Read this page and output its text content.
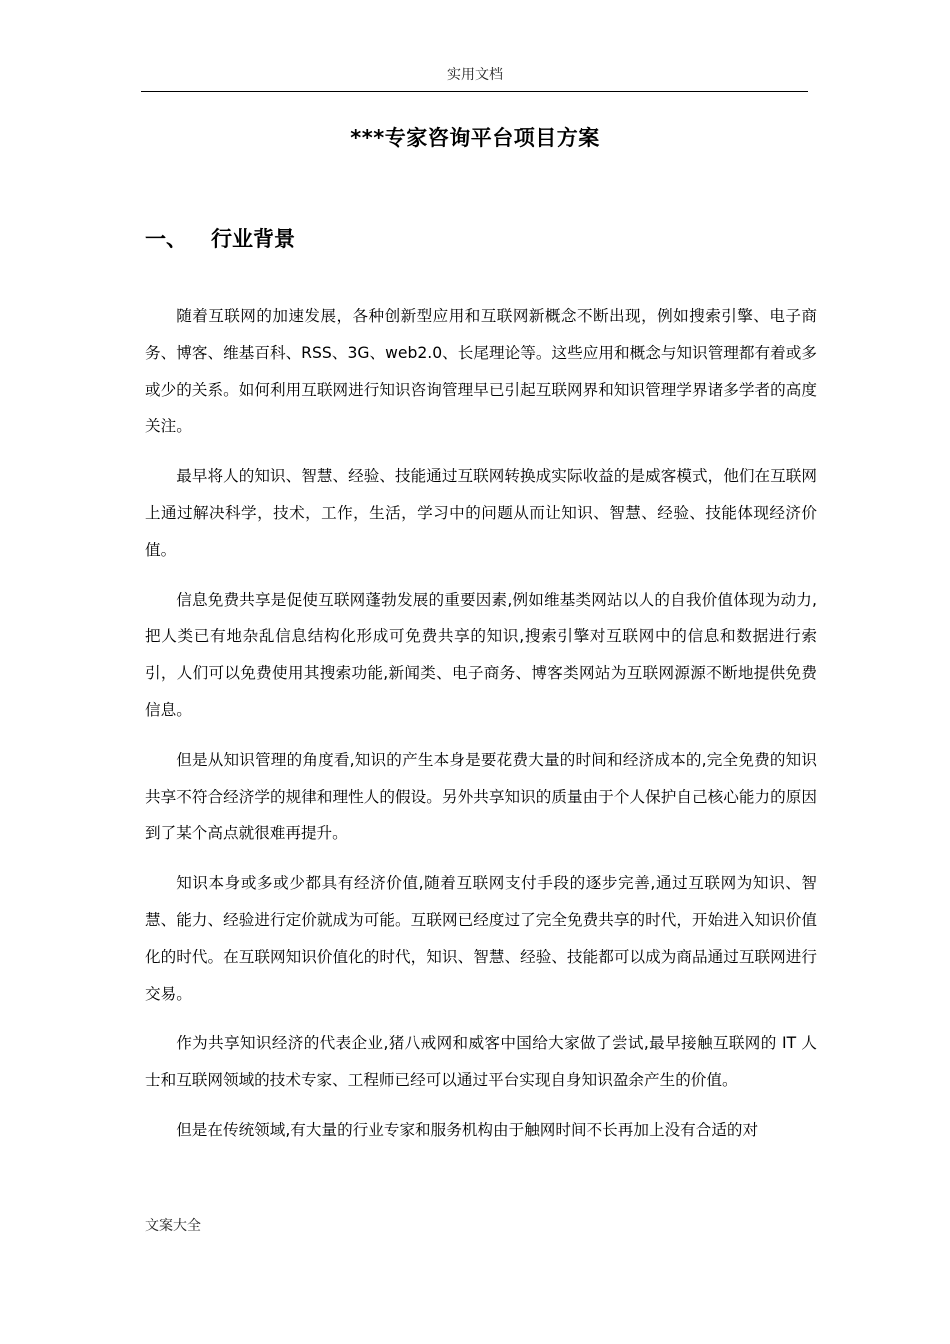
实用文档
***专家咨询平台项目方案
一、 行业背景

随着互联网的加速发展，各种创新型应用和互联网新概念不断出现，例如搜索引擎、电子商务、博客、维基百科、RSS、3G、web2.0、长尾理论等。这些应用和概念与知识管理都有着或多或少的关系。如何利用互联网进行知识咨询管理早已引起互联网界和知识管理学界诸多学者的高度关注。

最早将人的知识、智慧、经验、技能通过互联网转换成实际收益的是威客模式，他们在互联网上通过解决科学，技术，工作，生活，学习中的问题从而让知识、智慧、经验、技能体现经济价值。

信息免费共享是促使互联网蓬勃发展的重要因素,例如维基类网站以人的自我价值体现为动力,把人类已有地杂乱信息结构化形成可免费共享的知识,搜索引擎对互联网中的信息和数据进行索引，人们可以免费使用其搜索功能,新闻类、电子商务、博客类网站为互联网源源不断地提供免费信息。

但是从知识管理的角度看,知识的产生本身是要花费大量的时间和经济成本的,完全免费的知识共享不符合经济学的规律和理性人的假设。另外共享知识的质量由于个人保护自己核心能力的原因到了某个高点就很难再提升。

知识本身或多或少都具有经济价值,随着互联网支付手段的逐步完善,通过互联网为知识、智慧、能力、经验进行定价就成为可能。互联网已经度过了完全免费共享的时代，开始进入知识价值化的时代。在互联网知识价值化的时代，知识、智慧、经验、技能都可以成为商品通过互联网进行交易。

作为共享知识经济的代表企业,猪八戒网和威客中国给大家做了尝试,最早接触互联网的 IT 人士和互联网领域的技术专家、工程师已经可以通过平台实现自身知识盈余产生的价值。

但是在传统领域,有大量的行业专家和服务机构由于触网时间不长再加上没有合适的对

文案大全
